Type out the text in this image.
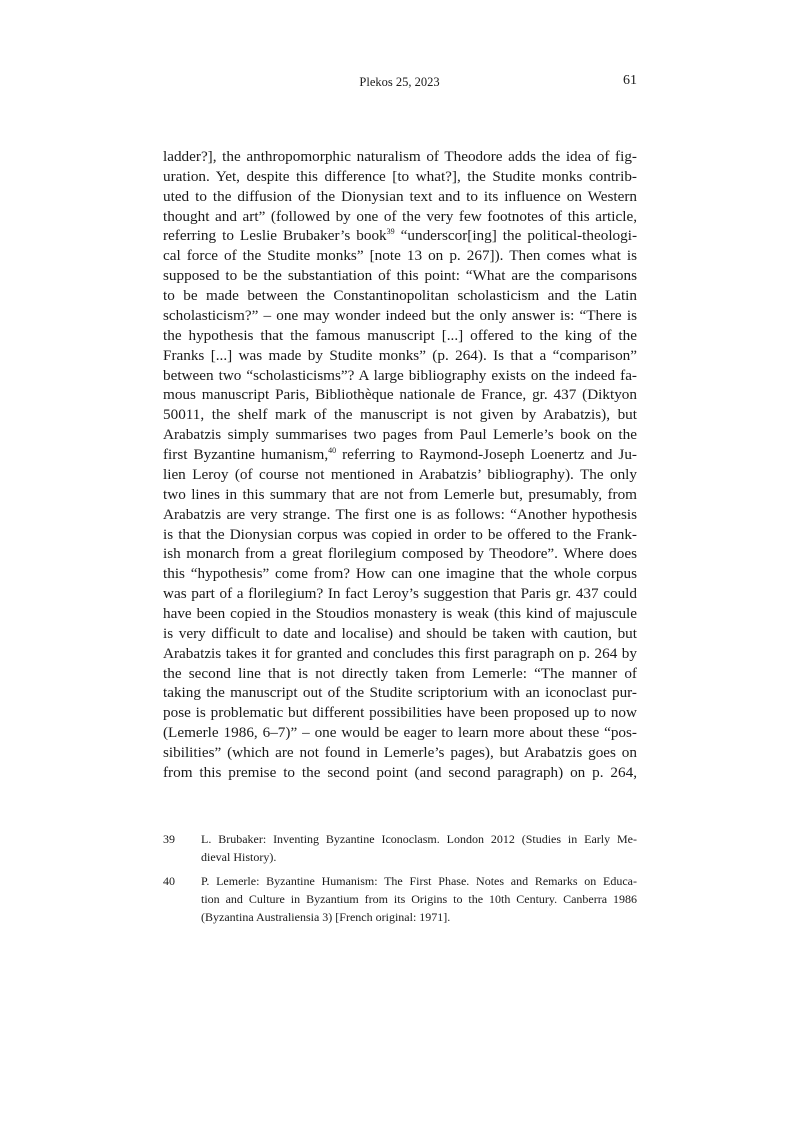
Plekos 25, 2023	61
ladder?], the anthropomorphic naturalism of Theodore adds the idea of fig-
uration. Yet, despite this difference [to what?], the Studite monks contrib-
uted to the diffusion of the Dionysian text and to its influence on Western
thought and art” (followed by one of the very few footnotes of this article,
referring to Leslie Brubaker’s book$^{39}$ “underscor[ing] the political-theologi-
cal force of the Studite monks” [note 13 on p. 267]). Then comes what is
supposed to be the substantiation of this point: “What are the comparisons
to be made between the Constantinopolitan scholasticism and the Latin
scholasticism?” – one may wonder indeed but the only answer is: “There is
the hypothesis that the famous manuscript [...] offered to the king of the
Franks [...] was made by Studite monks” (p. 264). Is that a “comparison”
between two “scholasticisms”? A large bibliography exists on the indeed fa-
mous manuscript Paris, Bibliothèque nationale de France, gr. 437 (Diktyon
50011, the shelf mark of the manuscript is not given by Arabatzis), but
Arabatzis simply summarises two pages from Paul Lemerle’s book on the
first Byzantine humanism,$^{40}$ referring to Raymond-Joseph Loenertz and Ju-
lien Leroy (of course not mentioned in Arabatzis’ bibliography). The only
two lines in this summary that are not from Lemerle but, presumably, from
Arabatzis are very strange. The first one is as follows: “Another hypothesis
is that the Dionysian corpus was copied in order to be offered to the Frank-
ish monarch from a great florilegium composed by Theodore”. Where does
this “hypothesis” come from? How can one imagine that the whole corpus
was part of a florilegium? In fact Leroy’s suggestion that Paris gr. 437 could
have been copied in the Stoudios monastery is weak (this kind of majuscule
is very difficult to date and localise) and should be taken with caution, but
Arabatzis takes it for granted and concludes this first paragraph on p. 264 by
the second line that is not directly taken from Lemerle: “The manner of
taking the manuscript out of the Studite scriptorium with an iconoclast pur-
pose is problematic but different possibilities have been proposed up to now
(Lemerle 1986, 6–7)” – one would be eager to learn more about these “pos-
sibilities” (which are not found in Lemerle’s pages), but Arabatzis goes on
from this premise to the second point (and second paragraph) on p. 264,
39 L. Brubaker: Inventing Byzantine Iconoclasm. London 2012 (Studies in Early Me-
dieval History).
40 P. Lemerle: Byzantine Humanism: The First Phase. Notes and Remarks on Educa-
tion and Culture in Byzantium from its Origins to the 10th Century. Canberra 1986
(Byzantina Australiensia 3) [French original: 1971].
